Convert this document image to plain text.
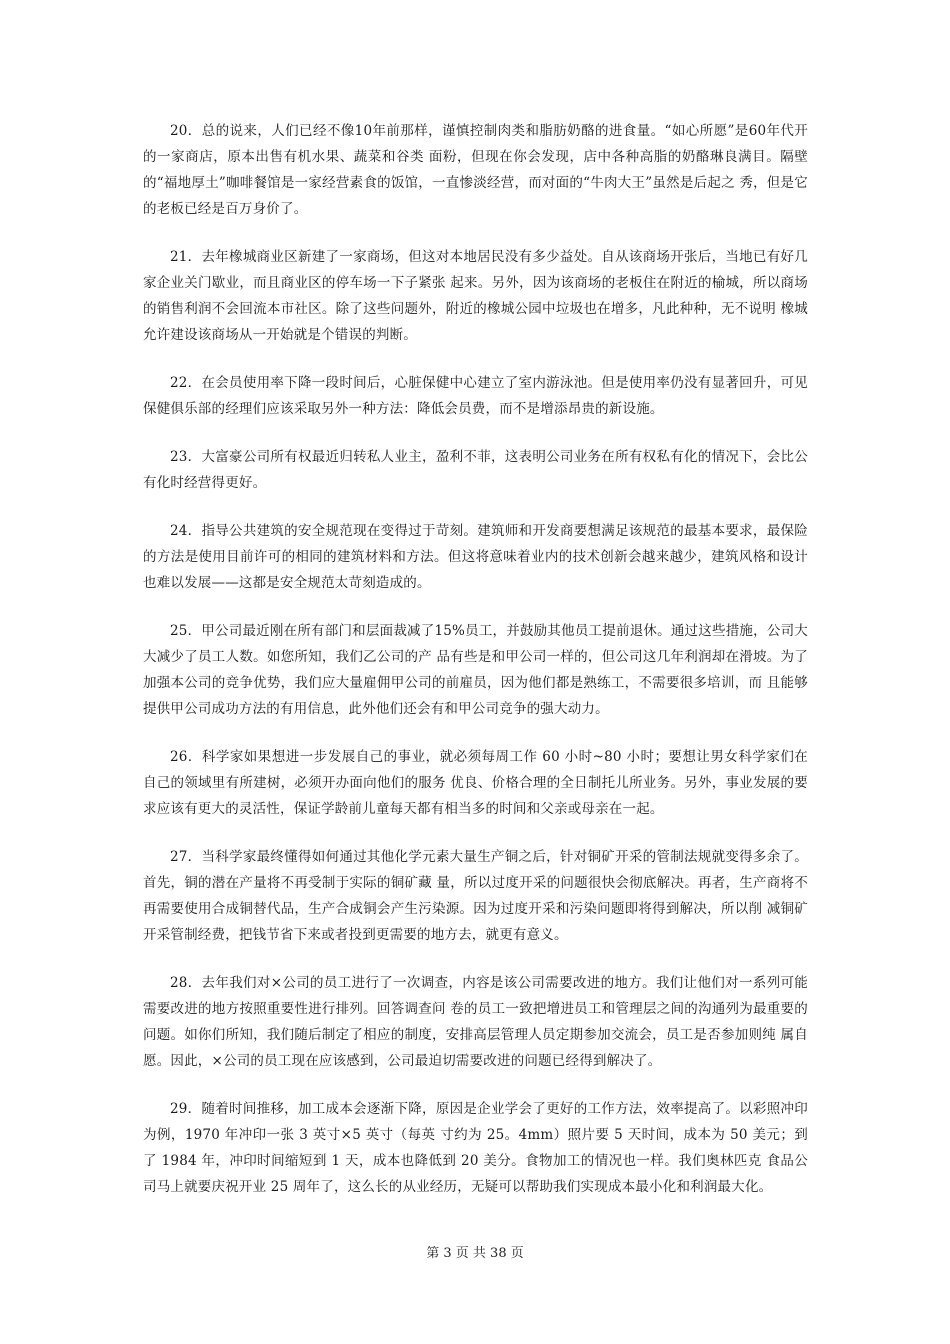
20．总的说来，人们已经不像10年前那样，谨慎控制肉类和脂肪奶酪的进食量。“如心所愿”是60年代开的一家商店，原本出售有机水果、蔬菜和谷类 面粉，但现在你会发现，店中各种高脂的奶酪琳良满目。隔壁的“福地厚土”咖啡餐馆是一家经营素食的饭馆，一直惨淡经营，而对面的“牛肉大王”虽然是后起之 秀，但是它的老板已经是百万身价了。

21．去年橡城商业区新建了一家商场，但这对本地居民没有多少益处。自从该商场开张后，当地已有好几家企业关门歇业，而且商业区的停车场一下子紧张 起来。另外，因为该商场的老板住在附近的榆城，所以商场的销售利润不会回流本市社区。除了这些问题外，附近的橡城公园中垃圾也在增多，凡此种种，无不说明 橡城允许建设该商场从一开始就是个错误的判断。

22．在会员使用率下降一段时间后，心脏保健中心建立了室内游泳池。但是使用率仍没有显著回升，可见保健俱乐部的经理们应该采取另外一种方法：降低会员费，而不是增添昂贵的新设施。

23．大富豪公司所有权最近归转私人业主，盈利不菲，这表明公司业务在所有权私有化的情况下，会比公有化时经营得更好。

24．指导公共建筑的安全规范现在变得过于苛刻。建筑师和开发商要想满足该规范的最基本要求，最保险的方法是使用目前许可的相同的建筑材料和方法。但这将意味着业内的技术创新会越来越少，建筑风格和设计也难以发展——这都是安全规范太苛刻造成的。

25．甲公司最近刚在所有部门和层面裁减了15%员工，并鼓励其他员工提前退休。通过这些措施，公司大大减少了员工人数。如您所知，我们乙公司的产 品有些是和甲公司一样的，但公司这几年利润却在滑坡。为了加强本公司的竞争优势，我们应大量雇佣甲公司的前雇员，因为他们都是熟练工，不需要很多培训，而 且能够提供甲公司成功方法的有用信息，此外他们还会有和甲公司竞争的强大动力。

26．科学家如果想进一步发展自己的事业，就必须每周工作 60 小时~80 小时；要想让男女科学家们在自己的领域里有所建树，必须开办面向他们的服务 优良、价格合理的全日制托儿所业务。另外，事业发展的要求应该有更大的灵活性，保证学龄前儿童每天都有相当多的时间和父亲或母亲在一起。

27．当科学家最终懂得如何通过其他化学元素大量生产铜之后，针对铜矿开采的管制法规就变得多余了。首先，铜的潜在产量将不再受制于实际的铜矿藏 量，所以过度开采的问题很快会彻底解决。再者，生产商将不再需要使用合成铜替代品，生产合成铜会产生污染源。因为过度开采和污染问题即将得到解决，所以削 减铜矿开采管制经费，把钱节省下来或者投到更需要的地方去，就更有意义。

28．去年我们对×公司的员工进行了一次调查，内容是该公司需要改进的地方。我们让他们对一系列可能需要改进的地方按照重要性进行排列。回答调查问 卷的员工一致把增进员工和管理层之间的沟通列为最重要的问题。如你们所知，我们随后制定了相应的制度，安排高层管理人员定期参加交流会，员工是否参加则纯 属自愿。因此，×公司的员工现在应该感到，公司最迫切需要改进的问题已经得到解决了。

29．随着时间推移，加工成本会逐渐下降，原因是企业学会了更好的工作方法，效率提高了。以彩照冲印为例，1970 年冲印一张 3 英寸×5 英寸（每英 寸约为 25。4mm）照片要 5 天时间，成本为 50 美元；到了 1984 年，冲印时间缩短到 1 天，成本也降低到 20 美分。食物加工的情况也一样。我们奥林匹克 食品公司马上就要庆祝开业 25 周年了，这么长的从业经历，无疑可以帮助我们实现成本最小化和利润最大化。

第 3 页 共 38 页
